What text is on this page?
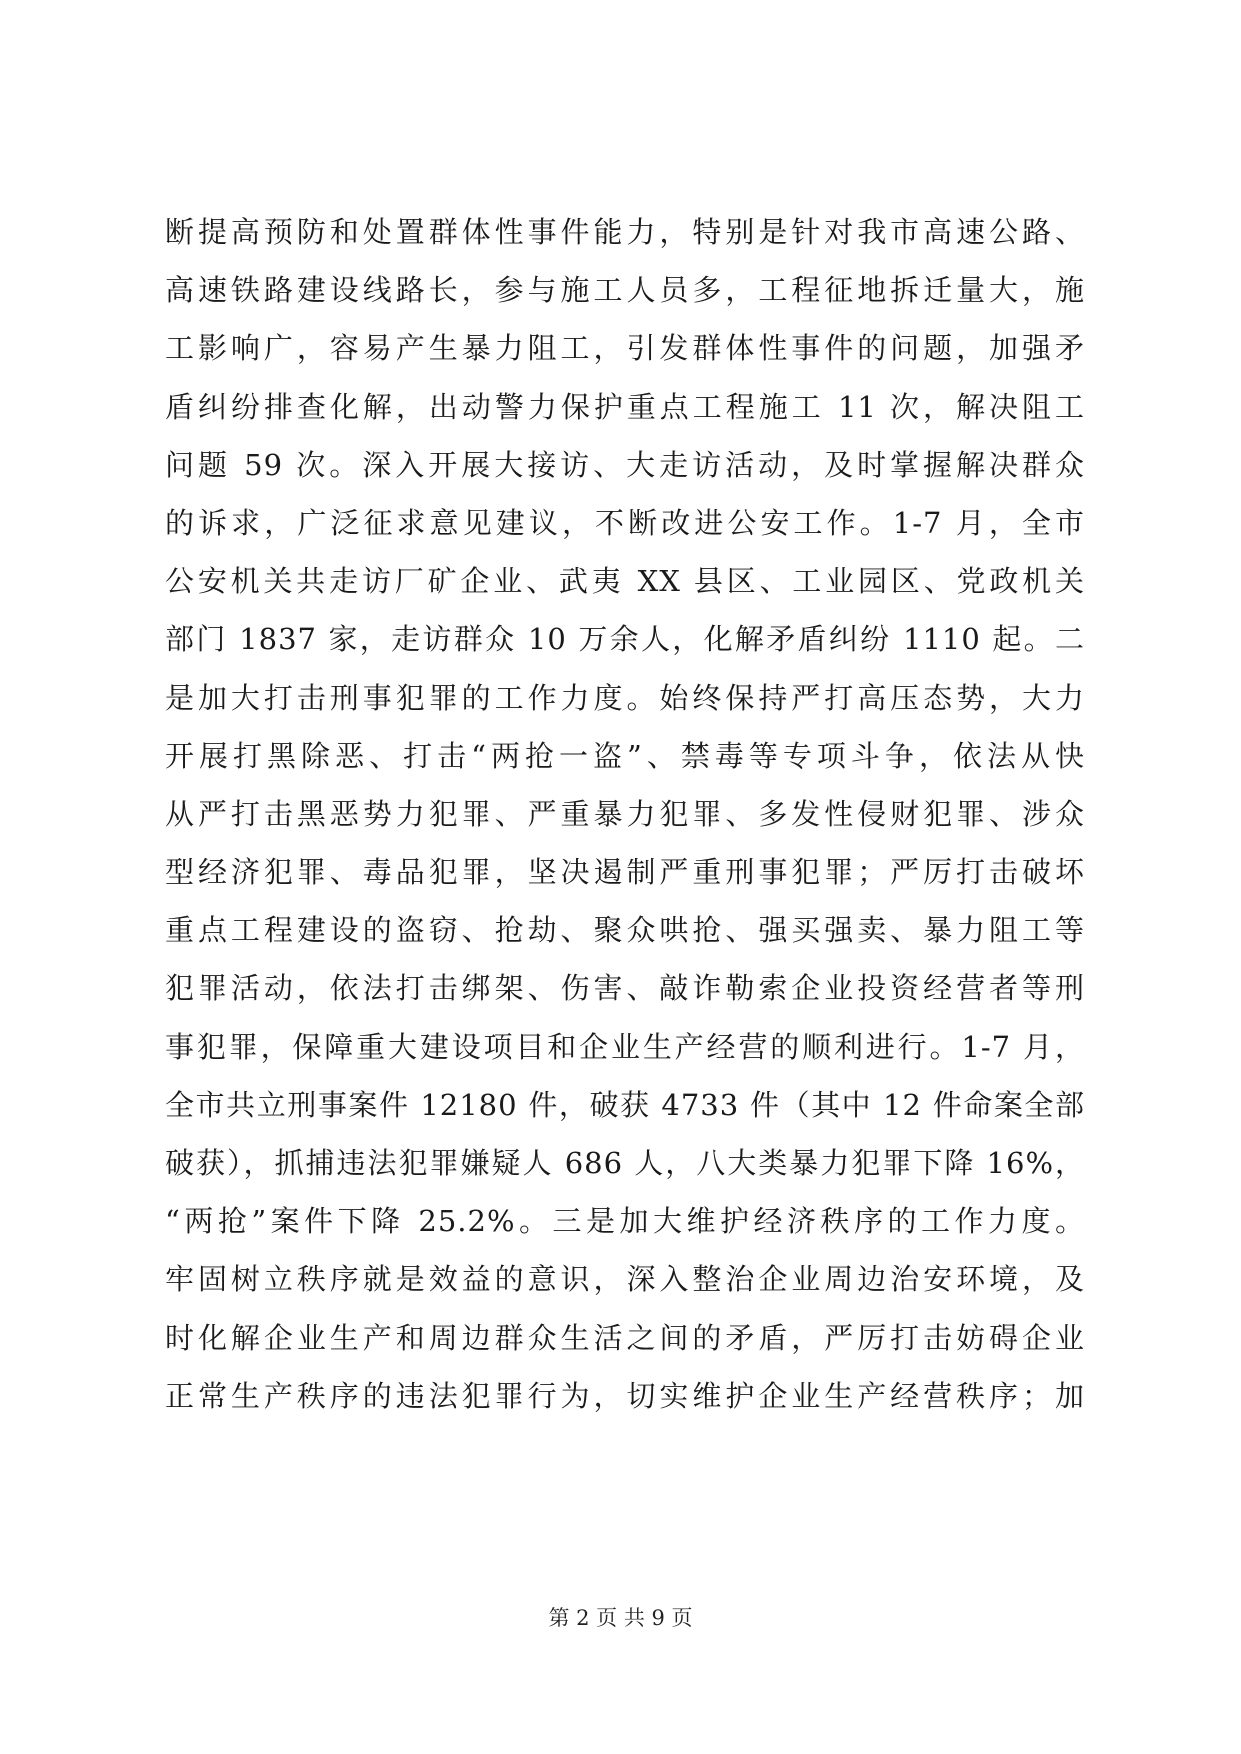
断提高预防和处置群体性事件能力，特别是针对我市高速公路、
高速铁路建设线路长，参与施工人员多，工程征地拆迁量大，施
工影响广，容易产生暴力阻工，引发群体性事件的问题，加强矛
盾纠纷排查化解，出动警力保护重点工程施工 11 次，解决阻工
问题 59 次。深入开展大接访、大走访活动，及时掌握解决群众
的诉求，广泛征求意见建议，不断改进公安工作。1-7 月，全市
公安机关共走访厂矿企业、武夷 XX 县区、工业园区、党政机关
部门 1837 家，走访群众 10 万余人，化解矛盾纠纷 1110 起。二
是加大打击刑事犯罪的工作力度。始终保持严打高压态势，大力
开展打黑除恶、打击“两抢一盗”、禁毒等专项斗争，依法从快
从严打击黑恶势力犯罪、严重暴力犯罪、多发性侵财犯罪、涉众
型经济犯罪、毒品犯罪，坚决遏制严重刑事犯罪；严厉打击破坏
重点工程建设的盗窃、抢劫、聚众哄抢、强买强卖、暴力阻工等
犯罪活动，依法打击绑架、伤害、敲诈勒索企业投资经营者等刑
事犯罪，保障重大建设项目和企业生产经营的顺利进行。1-7 月，
全市共立刑事案件 12180 件，破获 4733 件（其中 12 件命案全部
破获），抓捕违法犯罪嫌疑人 686 人，八大类暴力犯罪下降 16%，
“两抢”案件下降 25.2%。三是加大维护经济秩序的工作力度。
牢固树立秩序就是效益的意识，深入整治企业周边治安环境，及
时化解企业生产和周边群众生活之间的矛盾，严厉打击妨碍企业
正常生产秩序的违法犯罪行为，切实维护企业生产经营秩序；加
第 2 页 共 9 页
